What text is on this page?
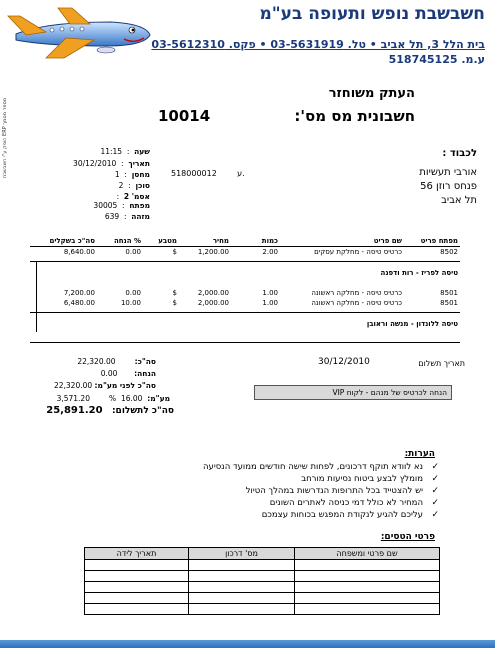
חשבשבת נופש ותעופה בע"מ
בית הלל 3, תל אביב • טל. 03-5631919 • פקס. 03-5612310
ע.מ. 518745125
הופק ע"י חשבשבת ERP מספר מסמך
העתק משוחזר
חשבונית מס מס':
10014
שעה  :  11:15
תאריך  :  30/12/2010
מחסן  :  1
סוכן  :  2
אסמ' 2  :
מפתח  :  30005
מזהה  :  639
518000012	ע.
לכבוד :
אורבי תעשיות
פנחס רוזן 56
תל אביב
מפתח פריט	שם פריט	כמות	מחיר	מטבע	% הנחה	סה"כ בשקלים
8502	כרטיס טיסה - מחלקת עסקים	2.00	1,200.00	$	0.00	8,640.00

טיסה לפריז - רות ודפנה						

8501	כרטיס טיסה - מחלקה ראשונה	1.00	2,000.00	$	0.00	7,200.00
8501	כרטיס טיסה - מחלקה ראשונה	1.00	2,000.00	$	10.00	6,480.00

טיסה ללונדון - מנשה וראובן						
סה"כ:        22,320.00
הנחה:       0.00
סה"כ לפני מע"מ: 22,320.00
מע"מ:  16.00  %        3,571.20
סה"כ לתשלום:   25,891.20
תאריך תשלום
30/12/2010
הנחה לכרטיס של מנהם - לקוח VIP
הערות:
✓נא לוודא תוקף דרכונים, לפחות שישה חודשים ממועד הנסיעה
✓מומלץ לבצע ביטוח נסיעות מורחב
✓יש להצטייד בכל התרופות הנדרשות במהלך הטיול
✓המחיר לא כולל דמי כניסה לאתרים השונים
✓עליכם להגיע לנקודת המפגש בכוחות עצמכם
פרטי הטסים:
שם פרטי ומשפחה	מס' דרכון	תאריך לידה
